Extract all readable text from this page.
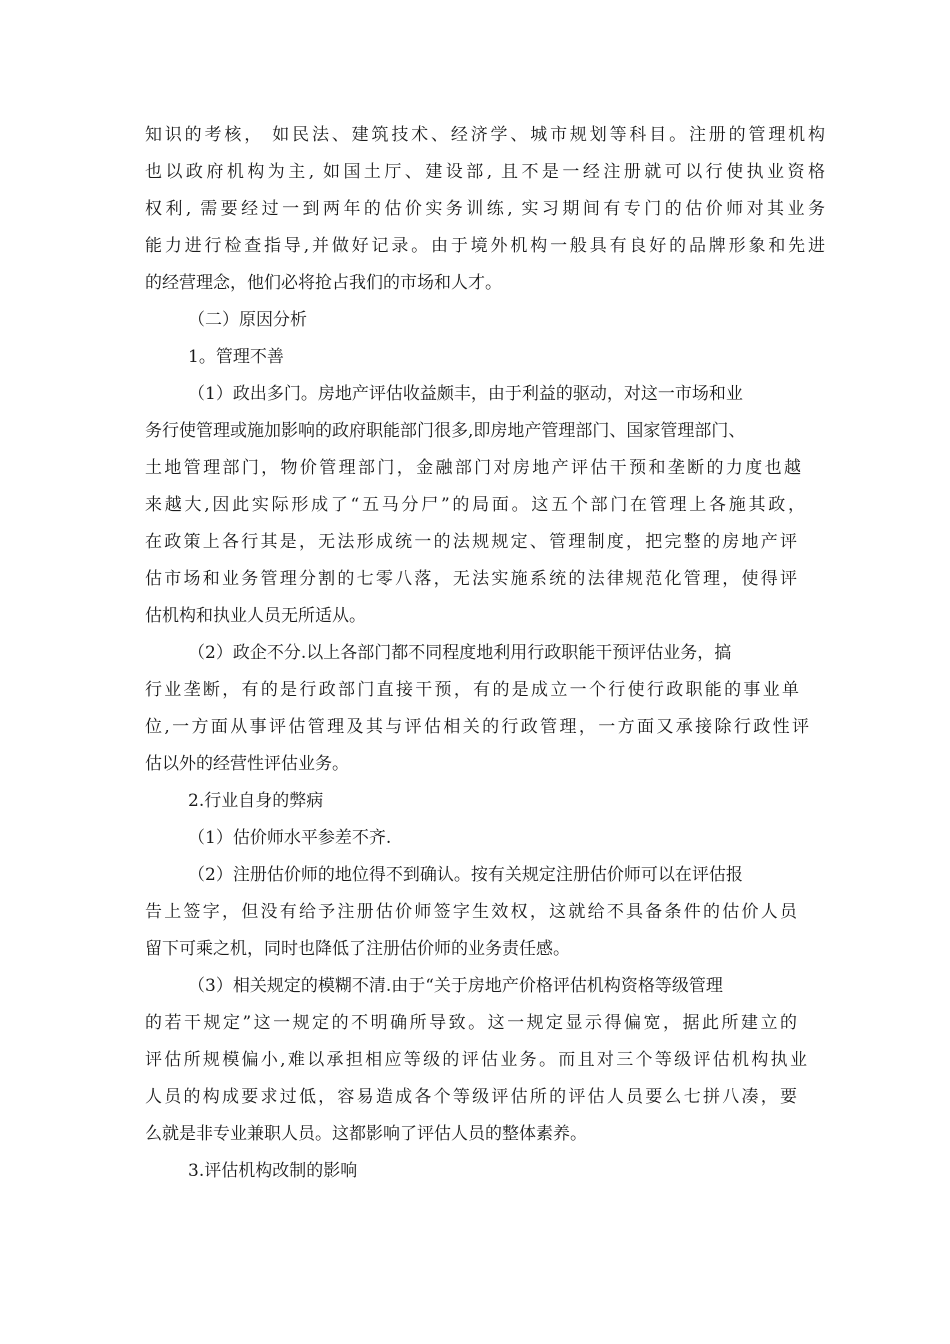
知识的考核， 如民法、建筑技术、经济学、城市规划等科目。注册的管理机构
也以政府机构为主, 如国土厅、建设部, 且不是一经注册就可以行使执业资格
权利, 需要经过一到两年的估价实务训练, 实习期间有专门的估价师对其业务
能力进行检查指导,并做好记录。由于境外机构一般具有良好的品牌形象和先进
的经营理念，他们必将抢占我们的市场和人才。
（二）原因分析
1。管理不善
（1）政出多门。房地产评估收益颇丰，由于利益的驱动，对这一市场和业
务行使管理或施加影响的政府职能部门很多,即房地产管理部门、国家管理部门、
土地管理部门，物价管理部门，金融部门对房地产评估干预和垄断的力度也越
来越大,因此实际形成了“五马分尸”的局面。这五个部门在管理上各施其政，
在政策上各行其是，无法形成统一的法规规定、管理制度，把完整的房地产评
估市场和业务管理分割的七零八落，无法实施系统的法律规范化管理，使得评
估机构和执业人员无所适从。
（2）政企不分.以上各部门都不同程度地利用行政职能干预评估业务，搞
行业垄断，有的是行政部门直接干预，有的是成立一个行使行政职能的事业单
位,一方面从事评估管理及其与评估相关的行政管理，一方面又承接除行政性评
估以外的经营性评估业务。
2.行业自身的弊病
（1）估价师水平参差不齐.
（2）注册估价师的地位得不到确认。按有关规定注册估价师可以在评估报
告上签字，但没有给予注册估价师签字生效权，这就给不具备条件的估价人员
留下可乘之机，同时也降低了注册估价师的业务责任感。
（3）相关规定的模糊不清.由于“关于房地产价格评估机构资格等级管理
的若干规定”这一规定的不明确所导致。这一规定显示得偏宽，据此所建立的
评估所规模偏小,难以承担相应等级的评估业务。而且对三个等级评估机构执业
人员的构成要求过低，容易造成各个等级评估所的评估人员要么七拼八凑，要
么就是非专业兼职人员。这都影响了评估人员的整体素养。
3.评估机构改制的影响
